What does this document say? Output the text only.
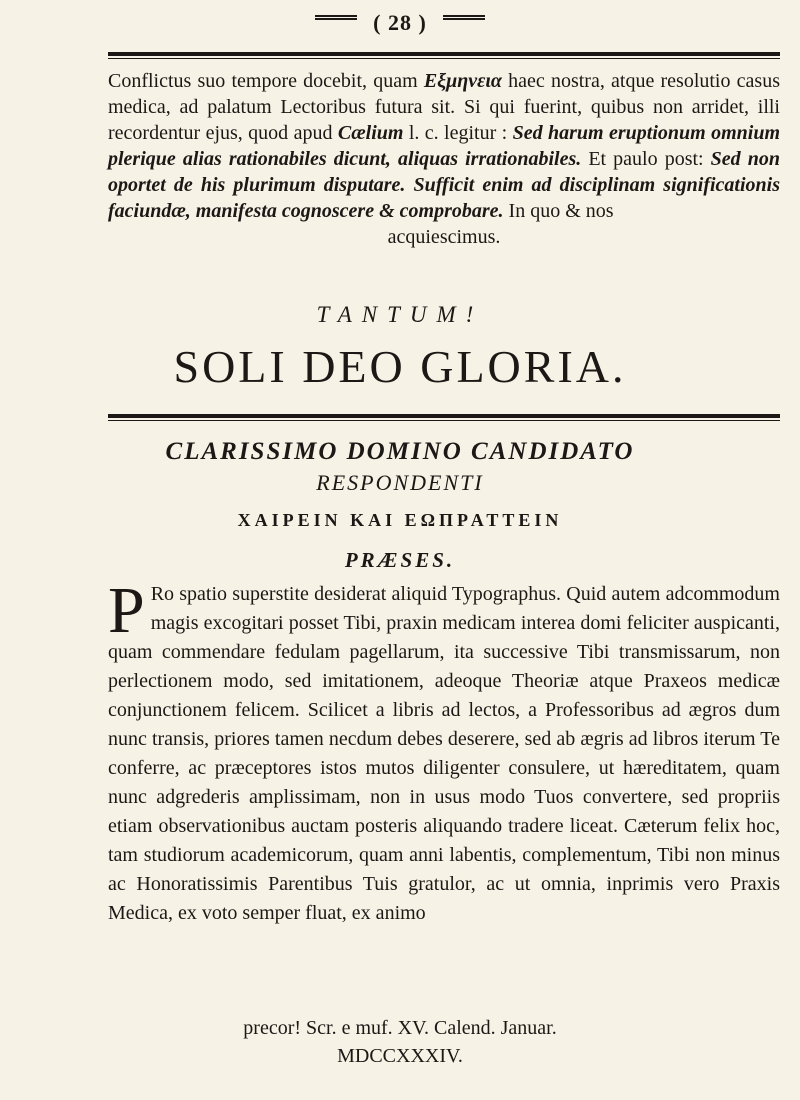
( 28 )
Conflictus suo tempore docebit, quam Eξμηνεια haec nostra, atque resolutio casus medica, ad palatum Lectoribus futura sit. Si qui fuerint, quibus non arridet, illi recordentur ejus, quod apud Cælium l. c. legitur : Sed harum eruptionum omnium plerique alias rationabiles dicunt, aliquas irrationabiles. Et paulo post: Sed non oportet de his plurimum disputare. Sufficit enim ad disciplinam significationis faciundæ, manifesta cognoscere & comprobare. In quo & nos
acquiescimus.
TANTUM!
SOLI DEO GLORIA.
CLARISSIMO DOMINO CANDIDATO
RESPONDENTI
XAIPEIN KAI EΩΠPATTEIN
PRÆSES.
P Ro spatio superstite desiderat aliquid Typographus. Quid autem adcommodum magis excogitari posset Tibi, praxin medicam interea domi feliciter auspicanti, quam commendare fedulam pagellarum, ita successive Tibi transmissarum, non perlectionem modo, sed imitationem, adeoque Theoriæ atque Praxeos medicæ conjunctionem felicem. Scilicet a libris ad lectos, a Professoribus ad ægros dum nunc transis, priores tamen necdum debes deserere, sed ab ægris ad libros iterum Te conferre, ac præceptores istos mutos diligenter consulere, ut hæreditatem, quam nunc adgrederis amplissimam, non in usus modo Tuos convertere, sed propriis etiam observationibus auctam posteris aliquando tradere liceat. Cæterum felix hoc, tam studiorum academicorum, quam anni labentis, complementum, Tibi non minus ac Honoratissimis Parentibus Tuis gratulor, ac ut omnia, inprimis vero Praxis Medica, ex voto semper fluat, ex animo
precor! Scr. e muf. XV. Calend. Januar.
MDCCXXXIV.
